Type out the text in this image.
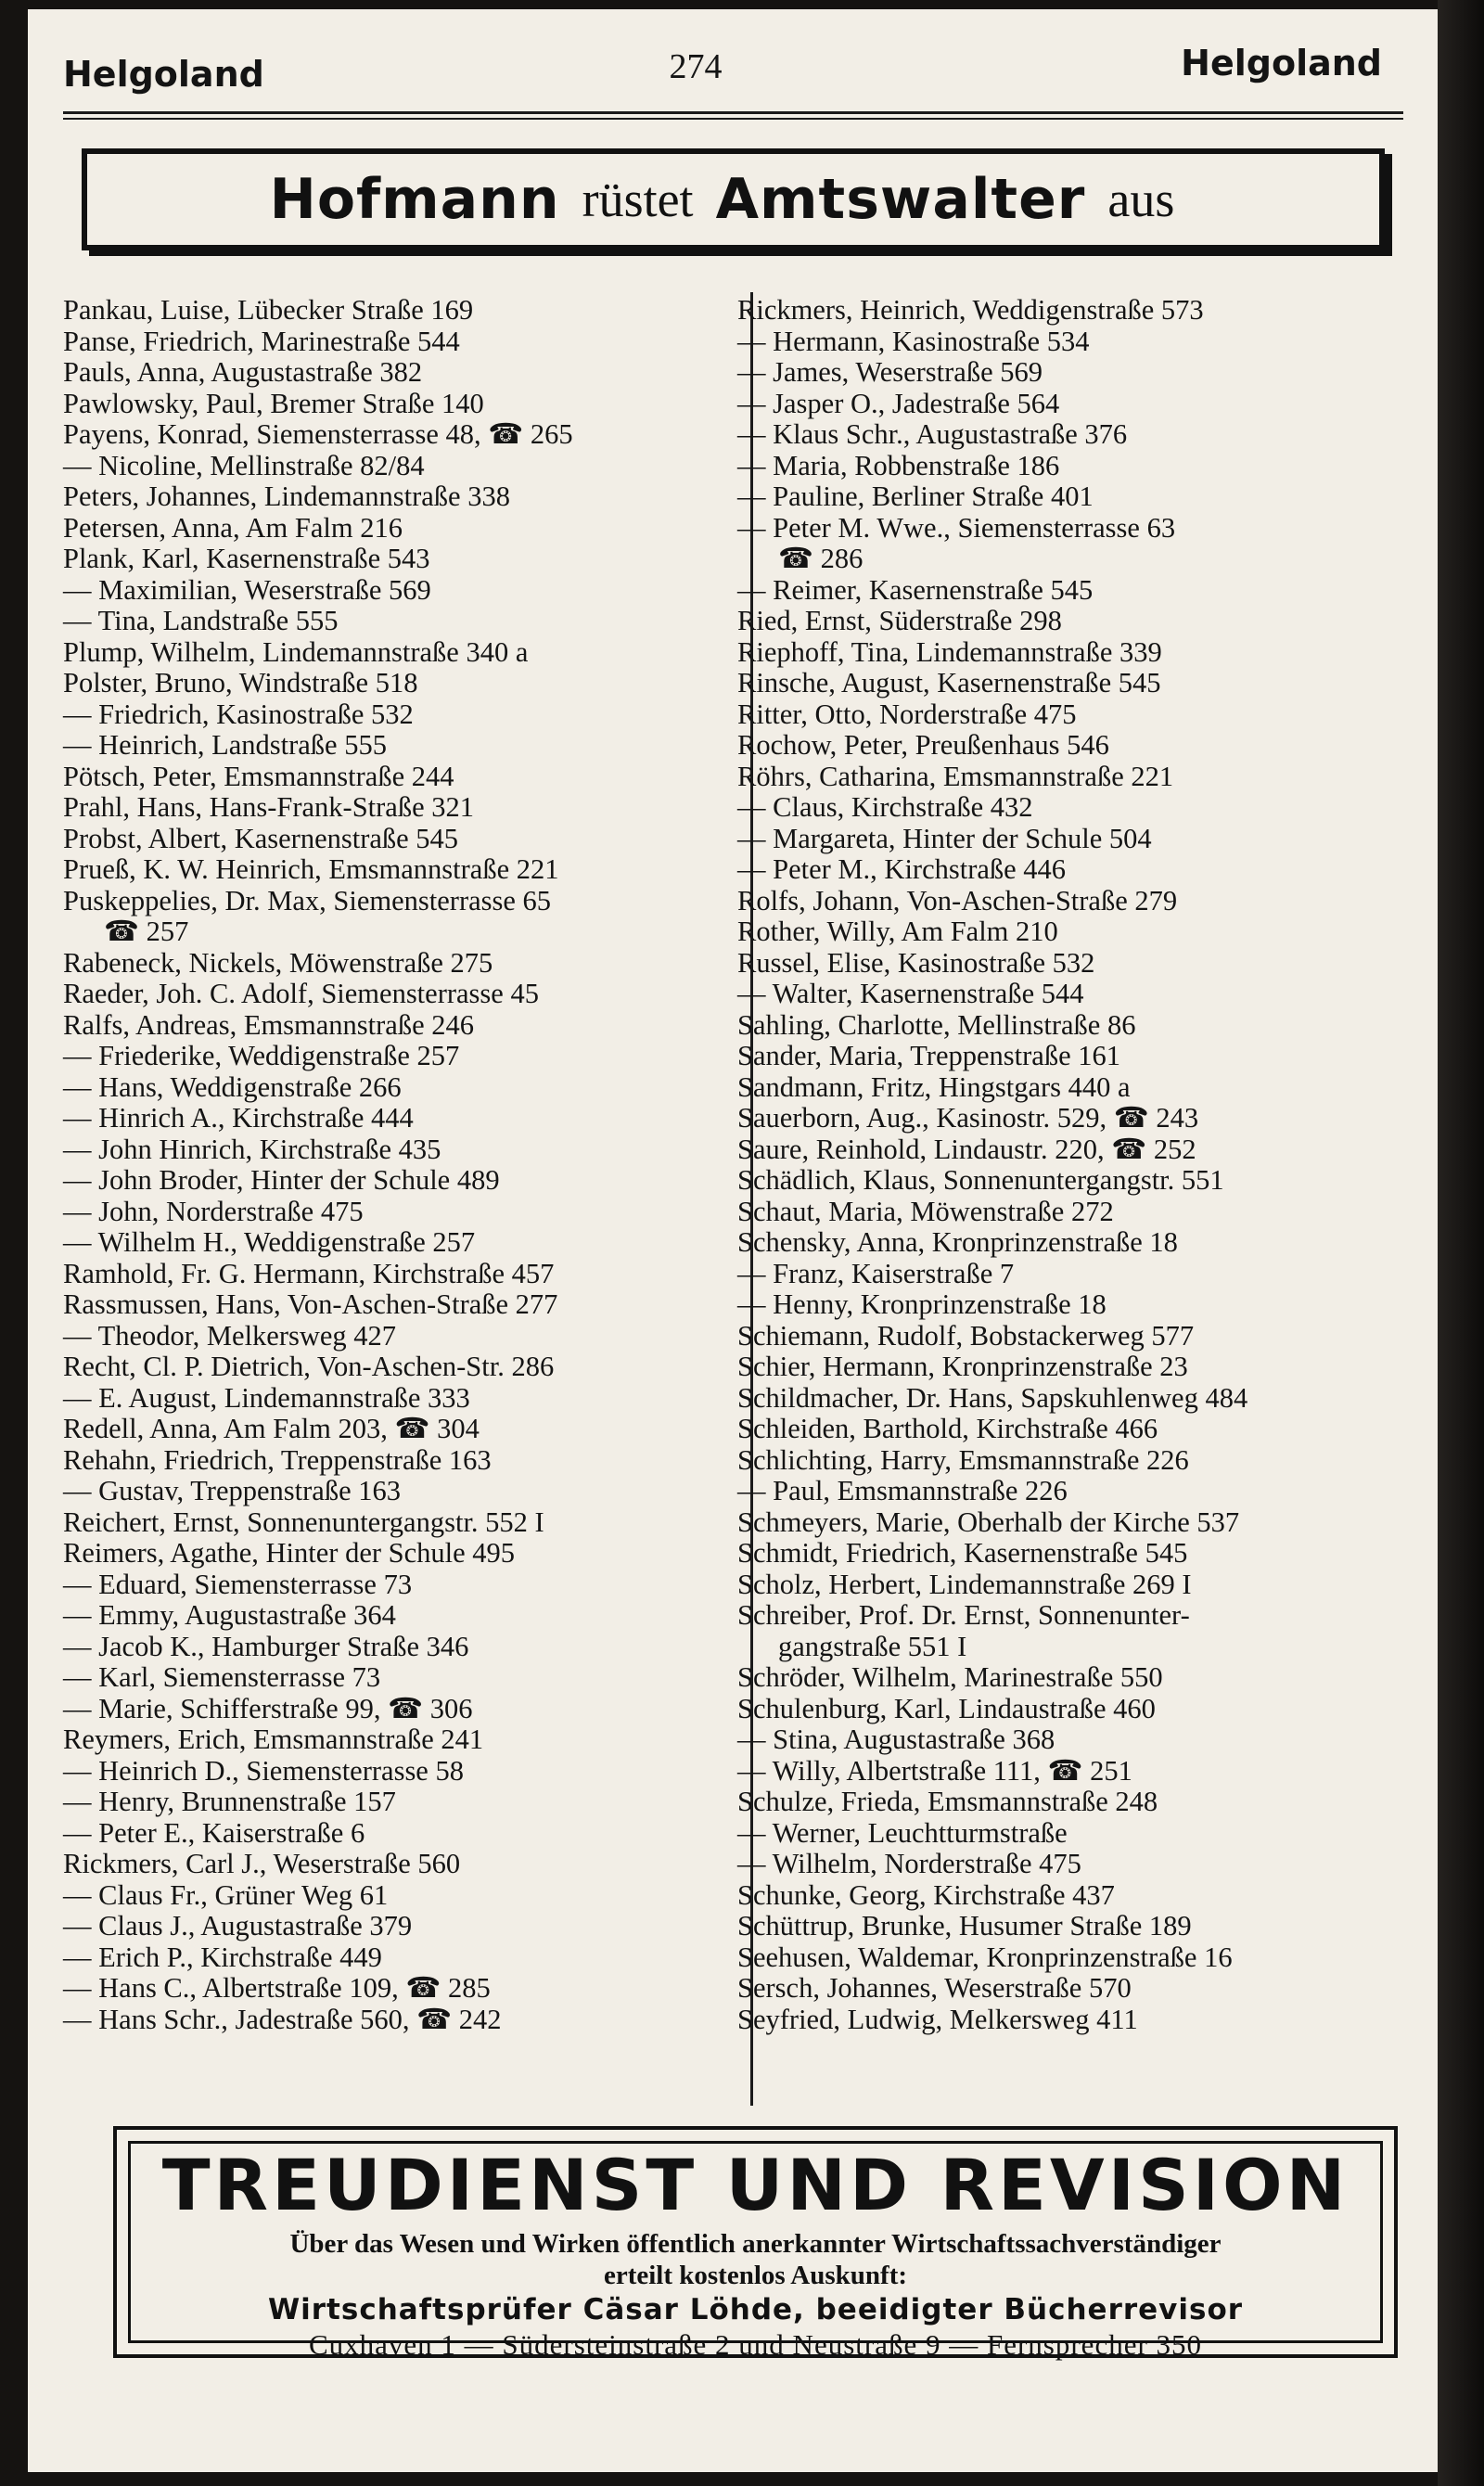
Helgoland	274	Helgoland
Hofmann rüstet Amtswalter aus
Pankau, Luise, Lübecker Straße 169
Panse, Friedrich, Marinestraße 544
Pauls, Anna, Augustastraße 382
Pawlowsky, Paul, Bremer Straße 140
Payens, Konrad, Siemensterrasse 48, ☎ 265
— Nicoline, Mellinstraße 82/84
Peters, Johannes, Lindemannstraße 338
Petersen, Anna, Am Falm 216
Plank, Karl, Kasernenstraße 543
— Maximilian, Weserstraße 569
— Tina, Landstraße 555
Plump, Wilhelm, Lindemannstraße 340 a
Polster, Bruno, Windstraße 518
— Friedrich, Kasinostraße 532
— Heinrich, Landstraße 555
Pötsch, Peter, Emsmannstraße 244
Prahl, Hans, Hans-Frank-Straße 321
Probst, Albert, Kasernenstraße 545
Prueß, K. W. Heinrich, Emsmannstraße 221
Puskeppelies, Dr. Max, Siemensterrasse 65
☎ 257
Rabeneck, Nickels, Möwenstraße 275
Raeder, Joh. C. Adolf, Siemensterrasse 45
Ralfs, Andreas, Emsmannstraße 246
— Friederike, Weddigenstraße 257
— Hans, Weddigenstraße 266
— Hinrich A., Kirchstraße 444
— John Hinrich, Kirchstraße 435
— John Broder, Hinter der Schule 489
— John, Norderstraße 475
— Wilhelm H., Weddigenstraße 257
Ramhold, Fr. G. Hermann, Kirchstraße 457
Rassmussen, Hans, Von-Aschen-Straße 277
— Theodor, Melkersweg 427
Recht, Cl. P. Dietrich, Von-Aschen-Str. 286
— E. August, Lindemannstraße 333
Redell, Anna, Am Falm 203, ☎ 304
Rehahn, Friedrich, Treppenstraße 163
— Gustav, Treppenstraße 163
Reichert, Ernst, Sonnenuntergangstr. 552 I
Reimers, Agathe, Hinter der Schule 495
— Eduard, Siemensterrasse 73
— Emmy, Augustastraße 364
— Jacob K., Hamburger Straße 346
— Karl, Siemensterrasse 73
— Marie, Schifferstraße 99, ☎ 306
Reymers, Erich, Emsmannstraße 241
— Heinrich D., Siemensterrasse 58
— Henry, Brunnenstraße 157
— Peter E., Kaiserstraße 6
Rickmers, Carl J., Weserstraße 560
— Claus Fr., Grüner Weg 61
— Claus J., Augustastraße 379
— Erich P., Kirchstraße 449
— Hans C., Albertstraße 109, ☎ 285
— Hans Schr., Jadestraße 560, ☎ 242
Rickmers, Heinrich, Weddigenstraße 573
— Hermann, Kasinostraße 534
— James, Weserstraße 569
— Jasper O., Jadestraße 564
— Klaus Schr., Augustastraße 376
— Maria, Robbenstraße 186
— Pauline, Berliner Straße 401
— Peter M. Wwe., Siemensterrasse 63
☎ 286
— Reimer, Kasernenstraße 545
Ried, Ernst, Süderstraße 298
Riephoff, Tina, Lindemannstraße 339
Rinsche, August, Kasernenstraße 545
Ritter, Otto, Norderstraße 475
Rochow, Peter, Preußenhaus 546
Röhrs, Catharina, Emsmannstraße 221
— Claus, Kirchstraße 432
— Margareta, Hinter der Schule 504
— Peter M., Kirchstraße 446
Rolfs, Johann, Von-Aschen-Straße 279
Rother, Willy, Am Falm 210
Russel, Elise, Kasinostraße 532
— Walter, Kasernenstraße 544
Sahling, Charlotte, Mellinstraße 86
Sander, Maria, Treppenstraße 161
Sandmann, Fritz, Hingstgars 440 a
Sauerborn, Aug., Kasinostr. 529, ☎ 243
Saure, Reinhold, Lindaustr. 220, ☎ 252
Schädlich, Klaus, Sonnenuntergangstr. 551
Schaut, Maria, Möwenstraße 272
Schensky, Anna, Kronprinzenstraße 18
— Franz, Kaiserstraße 7
— Henny, Kronprinzenstraße 18
Schiemann, Rudolf, Bobstackerweg 577
Schier, Hermann, Kronprinzenstraße 23
Schildmacher, Dr. Hans, Sapskuhlenweg 484
Schleiden, Barthold, Kirchstraße 466
Schlichting, Harry, Emsmannstraße 226
— Paul, Emsmannstraße 226
Schmeyers, Marie, Oberhalb der Kirche 537
Schmidt, Friedrich, Kasernenstraße 545
Scholz, Herbert, Lindemannstraße 269 I
Schreiber, Prof. Dr. Ernst, Sonnenunter-
gangstraße 551 I
Schröder, Wilhelm, Marinestraße 550
Schulenburg, Karl, Lindaustraße 460
— Stina, Augustastraße 368
— Willy, Albertstraße 111, ☎ 251
Schulze, Frieda, Emsmannstraße 248
— Werner, Leuchtturmstraße
— Wilhelm, Norderstraße 475
Schunke, Georg, Kirchstraße 437
Schüttrup, Brunke, Husumer Straße 189
Seehusen, Waldemar, Kronprinzenstraße 16
Sersch, Johannes, Weserstraße 570
Seyfried, Ludwig, Melkersweg 411
TREUDIENST UND REVISION
Über das Wesen und Wirken öffentlich anerkannter Wirtschaftssachverständiger
erteilt kostenlos Auskunft:
Wirtschaftsprüfer Cäsar Löhde, beeidigter Bücherrevisor
Cuxhaven 1 — Südersteinstraße 2 und Neustraße 9 — Fernsprecher 350
